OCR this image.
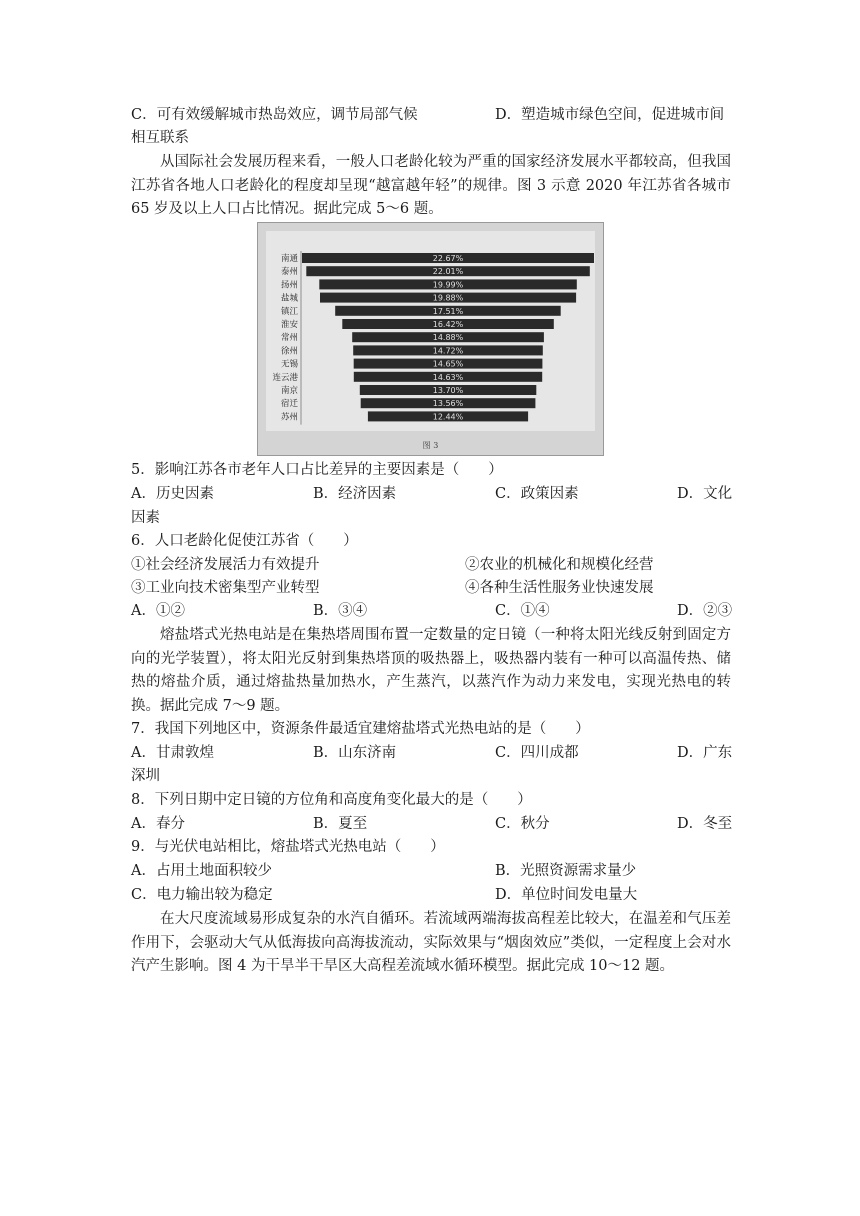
C．可有效缓解城市热岛效应，调节局部气候	D．塑造城市绿色空间，促进城市间
相互联系

从国际社会发展历程来看，一般人口老龄化较为严重的国家经济发展水平都较高，但我国江苏省各地人口老龄化的程度却呈现“越富越年轻”的规律。图 3 示意 2020 年江苏省各城市 65 岁及以上人口占比情况。据此完成 5～6 题。

22.67%
南通
22.01%
泰州
19.99%
扬州
19.88%
盐城
17.51%
镇江
16.42%
淮安
14.88%
常州
14.72%
徐州
14.65%
无锡
14.63%
连云港
13.70%
南京
13.56%
宿迁
12.44%
苏州
图 3
5．影响江苏各市老年人口占比差异的主要因素是（　　）
A．历史因素	B．经济因素	C．政策因素	D．文化
因素
6．人口老龄化促使江苏省（　　）
①社会经济发展活力有效提升	②农业的机械化和规模化经营
③工业向技术密集型产业转型	④各种生活性服务业快速发展
A．①②	B．③④	C．①④	D．②③

熔盐塔式光热电站是在集热塔周围布置一定数量的定日镜（一种将太阳光线反射到固定方向的光学装置），将太阳光反射到集热塔顶的吸热器上，吸热器内装有一种可以高温传热、储热的熔盐介质，通过熔盐热量加热水，产生蒸汽，以蒸汽作为动力来发电，实现光热电的转换。据此完成 7～9 题。

7．我国下列地区中，资源条件最适宜建熔盐塔式光热电站的是（　　）
A．甘肃敦煌	B．山东济南	C．四川成都	D．广东
深圳
8．下列日期中定日镜的方位角和高度角变化最大的是（　　）
A．春分	B．夏至	C．秋分	D．冬至
9．与光伏电站相比，熔盐塔式光热电站（　　）
A．占用土地面积较少	B．光照资源需求量少
C．电力输出较为稳定	D．单位时间发电量大

在大尺度流域易形成复杂的水汽自循环。若流域两端海拔高程差比较大，在温差和气压差作用下，会驱动大气从低海拔向高海拔流动，实际效果与“烟囱效应”类似，一定程度上会对水汽产生影响。图 4 为干旱半干旱区大高程差流域水循环模型。据此完成 10～12 题。
